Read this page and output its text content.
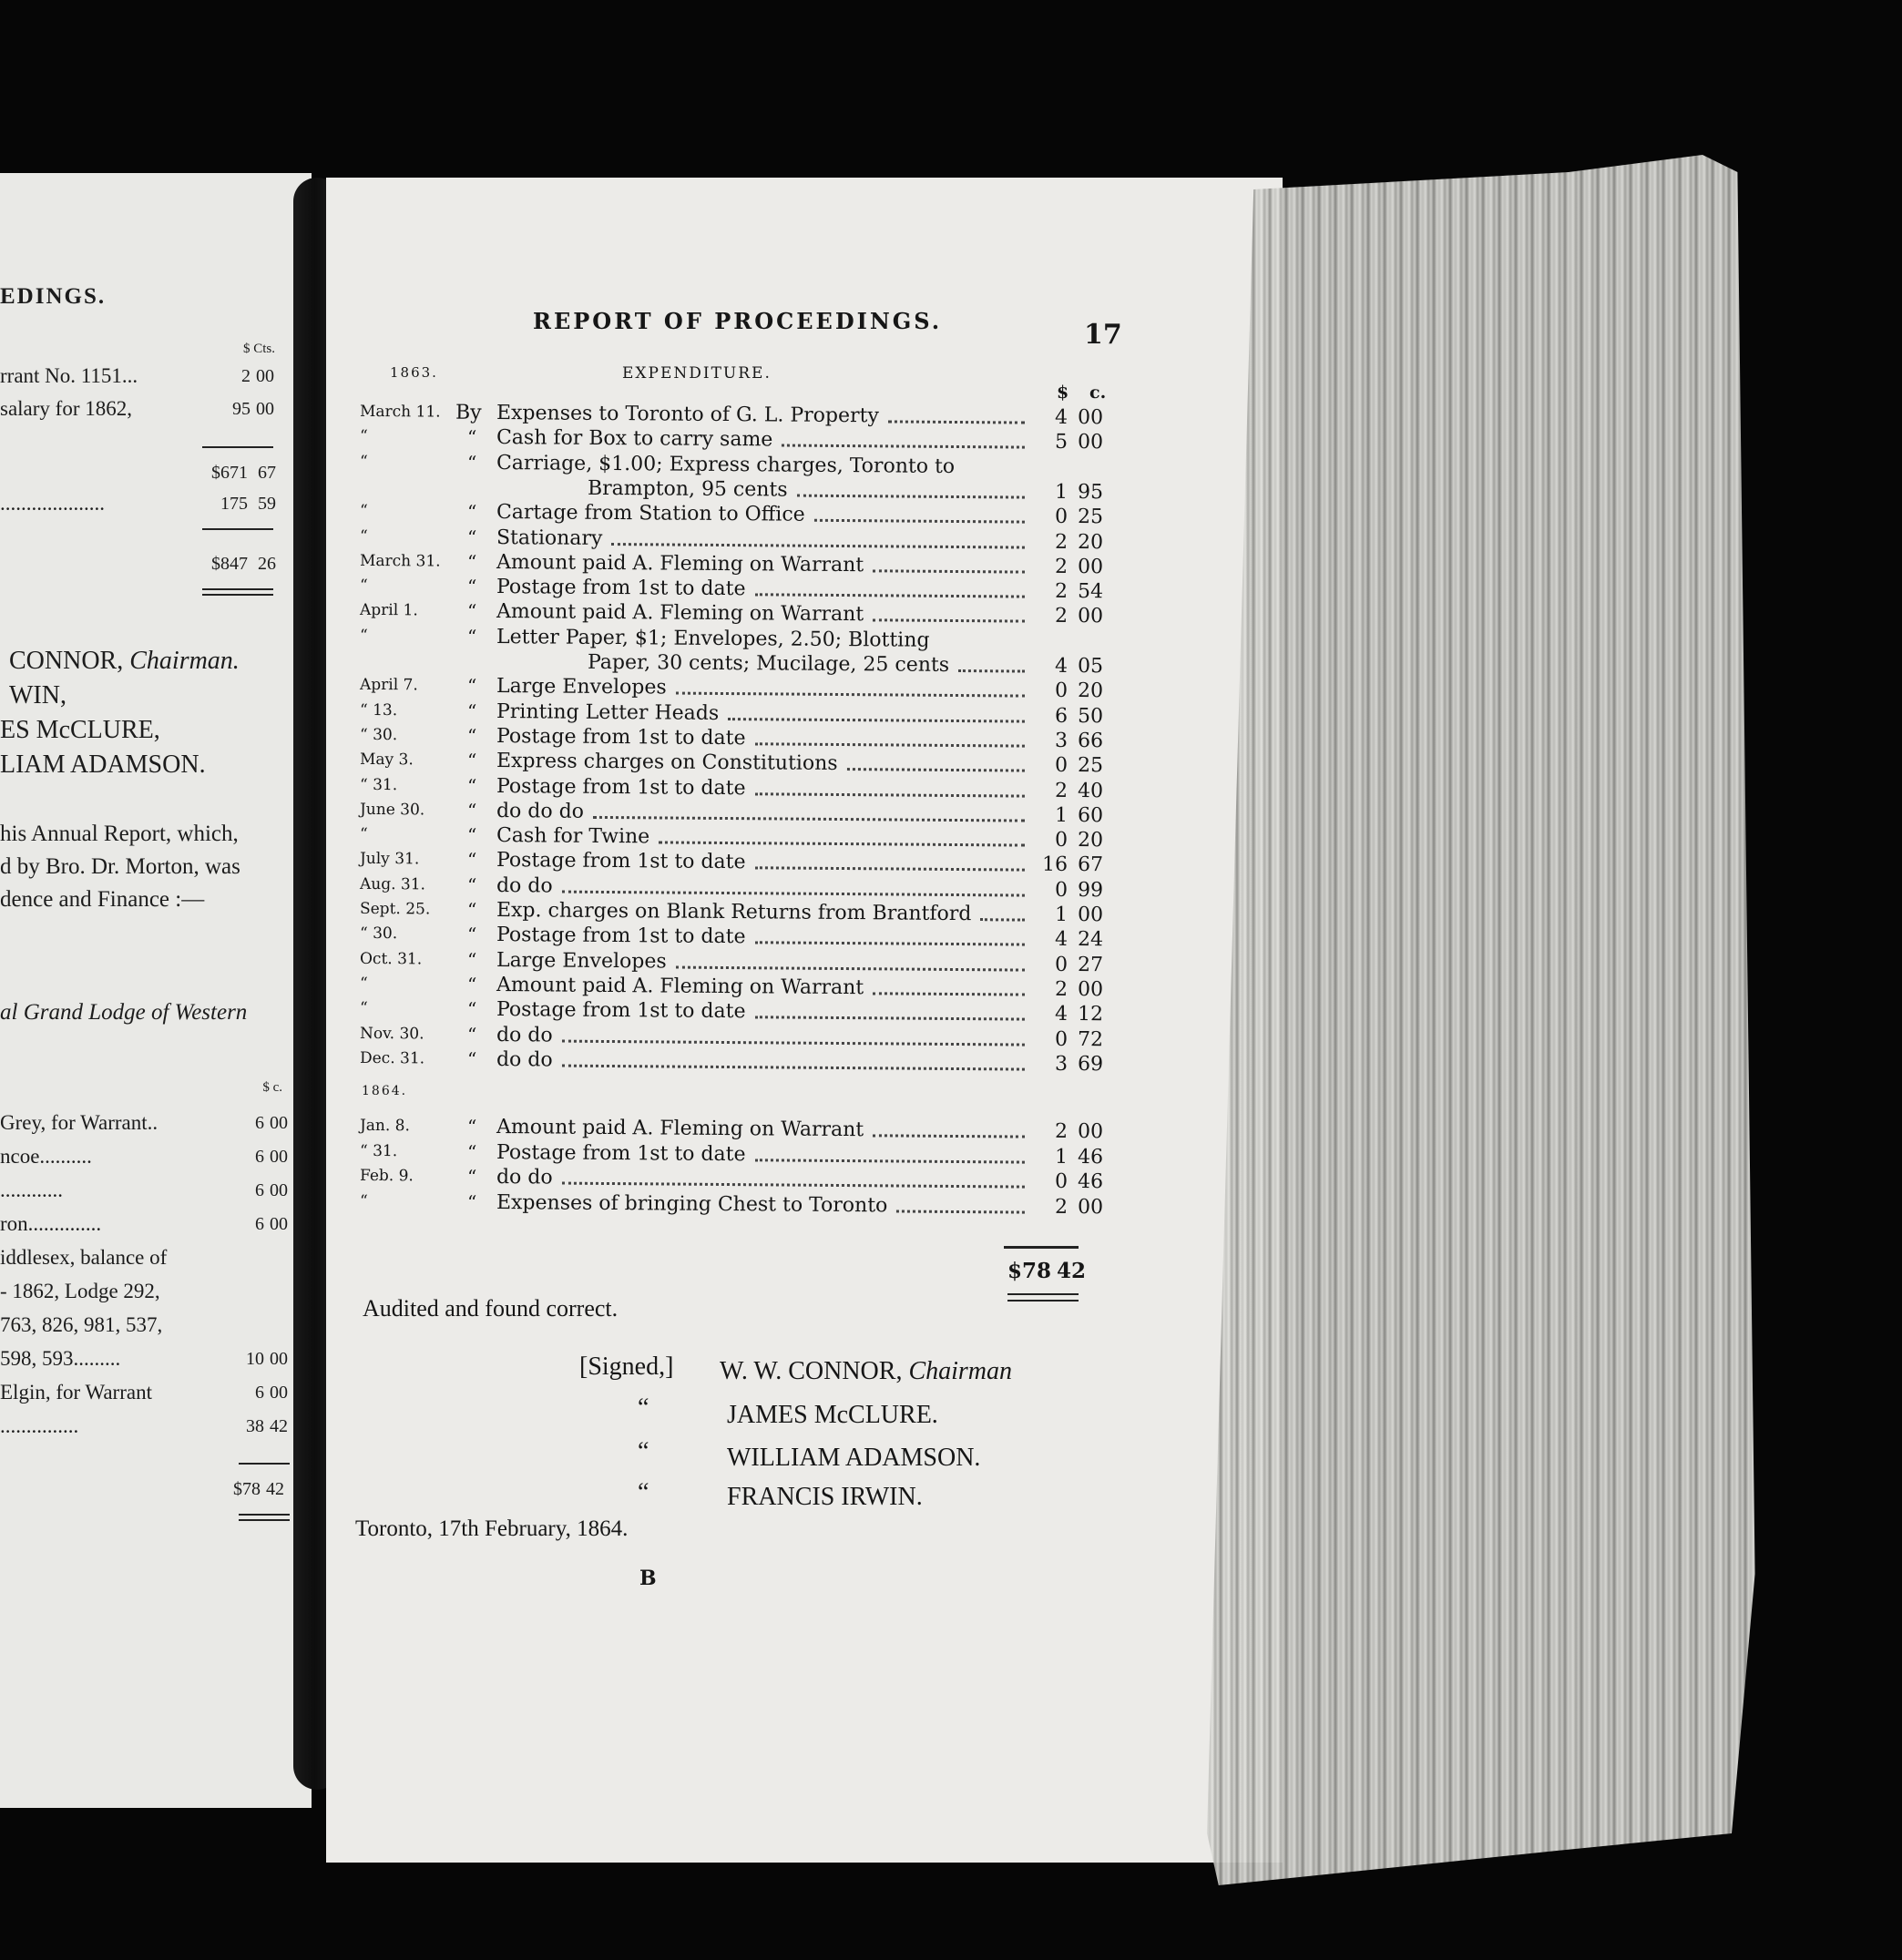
EDINGS.
$ Cts.
rrant No. 1151...	2 00
salary for 1862,	95 00
$671 67
....................	175 59
$847 26
CONNOR, Chairman.
WIN,
ES McCLURE,
LIAM ADAMSON.
his Annual Report, which,
d by Bro. Dr. Morton, was
dence and Finance :—
al Grand Lodge of Western
$ c.
Grey, for Warrant..	6 00
ncoe..........	6 00
............	6 00
ron..............	6 00
iddlesex, balance of
- 1862, Lodge 292,
763, 826, 981, 537,
598, 593.........	10 00
Elgin, for Warrant	6 00
...............	38 42
$78 42
REPORT OF PROCEEDINGS.	17
1863.	EXPENDITURE.
$ c.
March 11. By Expenses to Toronto of G. L. Property	4 00
“	“ Cash for Box to carry same	5 00
“	“ Carriage, $1.00; Express charges, Toronto to
Brampton, 95 cents	1 95
“	“ Cartage from Station to Office	0 25
“	“ Stationary	2 20
March 31. “ Amount paid A. Fleming on Warrant	2 00
“	“ Postage from 1st to date	2 54
April 1.	“ Amount paid A. Fleming on Warrant	2 00
“	“ Letter Paper, $1; Envelopes, 2.50; Blotting
Paper, 30 cents; Mucilage, 25 cents	4 05
April 7.	“ Large Envelopes	0 20
“ 13.	“ Printing Letter Heads	6 50
“ 30.	“ Postage from 1st to date	3 66
May 3.	“ Express charges on Constitutions	0 25
“ 31.	“ Postage from 1st to date	2 40
June 30.	“ do do do	1 60
“	“ Cash for Twine	0 20
July 31.	“ Postage from 1st to date	16 67
Aug. 31.	“ do do	0 99
Sept. 25.	“ Exp. charges on Blank Returns from Brantford	1 00
“ 30.	“ Postage from 1st to date	4 24
Oct. 31.	“ Large Envelopes	0 27
“	“ Amount paid A. Fleming on Warrant	2 00
“	“ Postage from 1st to date	4 12
Nov. 30.	“ do do	0 72
Dec. 31.	“ do do	3 69
1864.
Jan. 8.	“ Amount paid A. Fleming on Warrant	2 00
“ 31.	“ Postage from 1st to date	1 46
Feb. 9.	“ do do	0 46
“	“ Expenses of bringing Chest to Toronto	2 00
$78 42
Audited and found correct.
[Signed,] W. W. CONNOR, Chairman
“	JAMES McCLURE.
“	WILLIAM ADAMSON.
“	FRANCIS IRWIN.
Toronto, 17th February, 1864.
B
